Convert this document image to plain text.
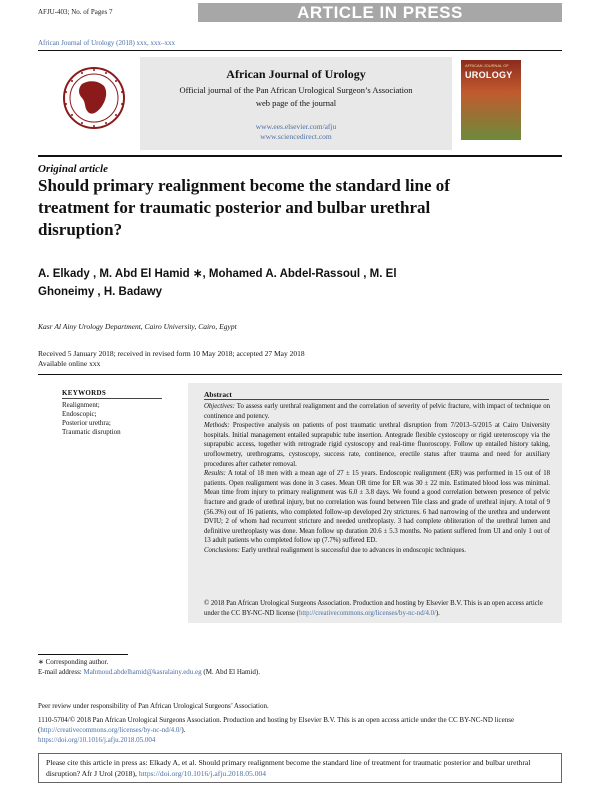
AFJU-403; No. of Pages 7	ARTICLE IN PRESS
African Journal of Urology (2018) xxx, xxx–xxx
African Journal of Urology
Official journal of the Pan African Urological Surgeon’s Association
web page of the journal
www.ees.elsevier.com/afju
www.sciencedirect.com
AFRICAN JOURNAL OF
UROLOGY
Original article
Should primary realignment become the standard line of treatment for traumatic posterior and bulbar urethral disruption?
A. Elkady , M. Abd El Hamid ∗, Mohamed A. Abdel-Rassoul , M. El
Ghoneimy , H. Badawy
Kasr Al Ainy Urology Department, Cairo University, Cairo, Egypt
Received 5 January 2018; received in revised form 10 May 2018; accepted 27 May 2018
Available online xxx
KEYWORDS
Realignment;
Endoscopic;
Posterior urethra;
Traumatic disruption
Abstract
Objectives: To assess early urethral realignment and the correlation of severity of pelvic fracture, with impact of technique on continence and potency.
Methods: Prospective analysis on patients of post traumatic urethral disruption from 7/2013–5/2015 at Cairo University hospitals. Initial management entailed suprapubic tube insertion. Antegrade flexible cystoscopy or rigid ureteroscopy via the suprapubic access, together with retrograde rigid cystoscopy and real-time fluoroscopy. Follow up entailed history taking, uroflowmetry, urethrograms, cystoscopy, success rate, continence, erectile status after trauma and need for auxiliary procedures after catheter removal.
Results: A total of 18 men with a mean age of 27 ± 15 years. Endoscopic realignment (ER) was performed in 15 out of 18 patients. Open realignment was done in 3 cases. Mean OR time for ER was 30 ± 22 min. Estimated blood loss was minimal. Mean time from injury to primary realignment was 6.0 ± 3.8 days. We found a good correlation between presence of pelvic fracture and grade of urethral injury, but no correlation was found between Tile class and grade of urethral injury. A total of 9 (56.3%) out of 16 patients, who completed follow-up developed 2ry strictures. 6 had narrowing of the urethra and underwent DVIU; 2 of whom had recurrent stricture and needed urethroplasty. 3 had complete obliteration of the urethral lumen and definitive urethroplasty was done. Mean follow up duration 20.6 ± 5.3 months. No patient suffered from UI and only 1 out of 13 adult patients who completed follow up (7.7%) suffered ED.
Conclusions: Early urethral realignment is successful due to advances in endoscopic techniques.
© 2018 Pan African Urological Surgeons Association. Production and hosting by Elsevier B.V. This is an open access article under the CC BY-NC-ND license (http://creativecommons.org/licenses/by-nc-nd/4.0/).
∗ Corresponding author.
E-mail address: Mahmoud.abdelhamid@kasralainy.edu.eg (M. Abd El Hamid).
Peer review under responsibility of Pan African Urological Surgeons’ Association.
1110-5704/© 2018 Pan African Urological Surgeons Association. Production and hosting by Elsevier B.V. This is an open access article under the CC BY-NC-ND license (http://creativecommons.org/licenses/by-nc-nd/4.0/).
https://doi.org/10.1016/j.afju.2018.05.004
Please cite this article in press as: Elkady A, et al. Should primary realignment become the standard line of treatment for traumatic posterior and bulbar urethral disruption? Afr J Urol (2018), https://doi.org/10.1016/j.afju.2018.05.004
